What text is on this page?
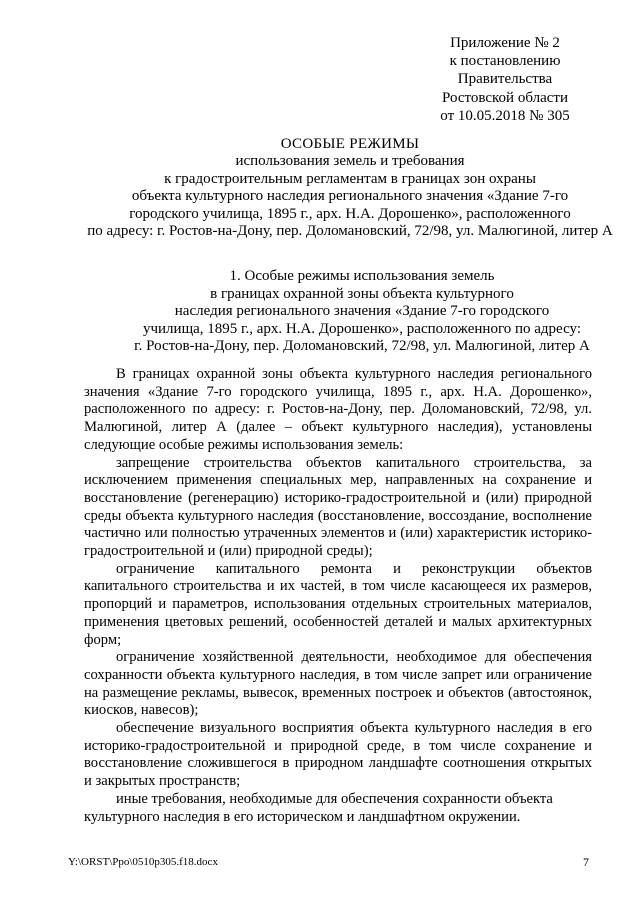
Приложение № 2
к постановлению
Правительства
Ростовской области
от 10.05.2018 № 305
ОСОБЫЕ РЕЖИМЫ
использования земель и требования
к градостроительным регламентам в границах зон охраны
объекта культурного наследия регионального значения «Здание 7-го
городского училища, 1895 г., арх. Н.А. Дорошенко», расположенного
по адресу: г. Ростов-на-Дону, пер. Доломановский, 72/98, ул. Малюгиной, литер А
1. Особые режимы использования земель
в границах охранной зоны объекта культурного
наследия регионального значения «Здание 7-го городского
училища, 1895 г., арх. Н.А. Дорошенко», расположенного по адресу:
г. Ростов-на-Дону, пер. Доломановский, 72/98, ул. Малюгиной, литер А

В границах охранной зоны объекта культурного наследия регионального значения «Здание 7-го городского училища, 1895 г., арх. Н.А. Дорошенко», расположенного по адресу: г. Ростов-на-Дону, пер. Доломановский, 72/98, ул. Малюгиной, литер А (далее – объект культурного наследия), установлены следующие особые режимы использования земель:

запрещение строительства объектов капитального строительства, за исключением применения специальных мер, направленных на сохранение и восстановление (регенерацию) историко-градостроительной и (или) природной среды объекта культурного наследия (восстановление, воссоздание, восполнение частично или полностью утраченных элементов и (или) характеристик историко-градостроительной и (или) природной среды);

ограничение капитального ремонта и реконструкции объектов капитального строительства и их частей, в том числе касающееся их размеров, пропорций и параметров, использования отдельных строительных материалов, применения цветовых решений, особенностей деталей и малых архитектурных форм;

ограничение хозяйственной деятельности, необходимое для обеспечения сохранности объекта культурного наследия, в том числе запрет или ограничение на размещение рекламы, вывесок, временных построек и объектов (автостоянок, киосков, навесов);

обеспечение визуального восприятия объекта культурного наследия в его историко-градостроительной и природной среде, в том числе сохранение и восстановление сложившегося в природном ландшафте соотношения открытых и закрытых пространств;

иные требования, необходимые для обеспечения сохранности объекта культурного наследия в его историческом и ландшафтном окружении.

Y:\ORST\Ppo\0510p305.f18.docx	7
